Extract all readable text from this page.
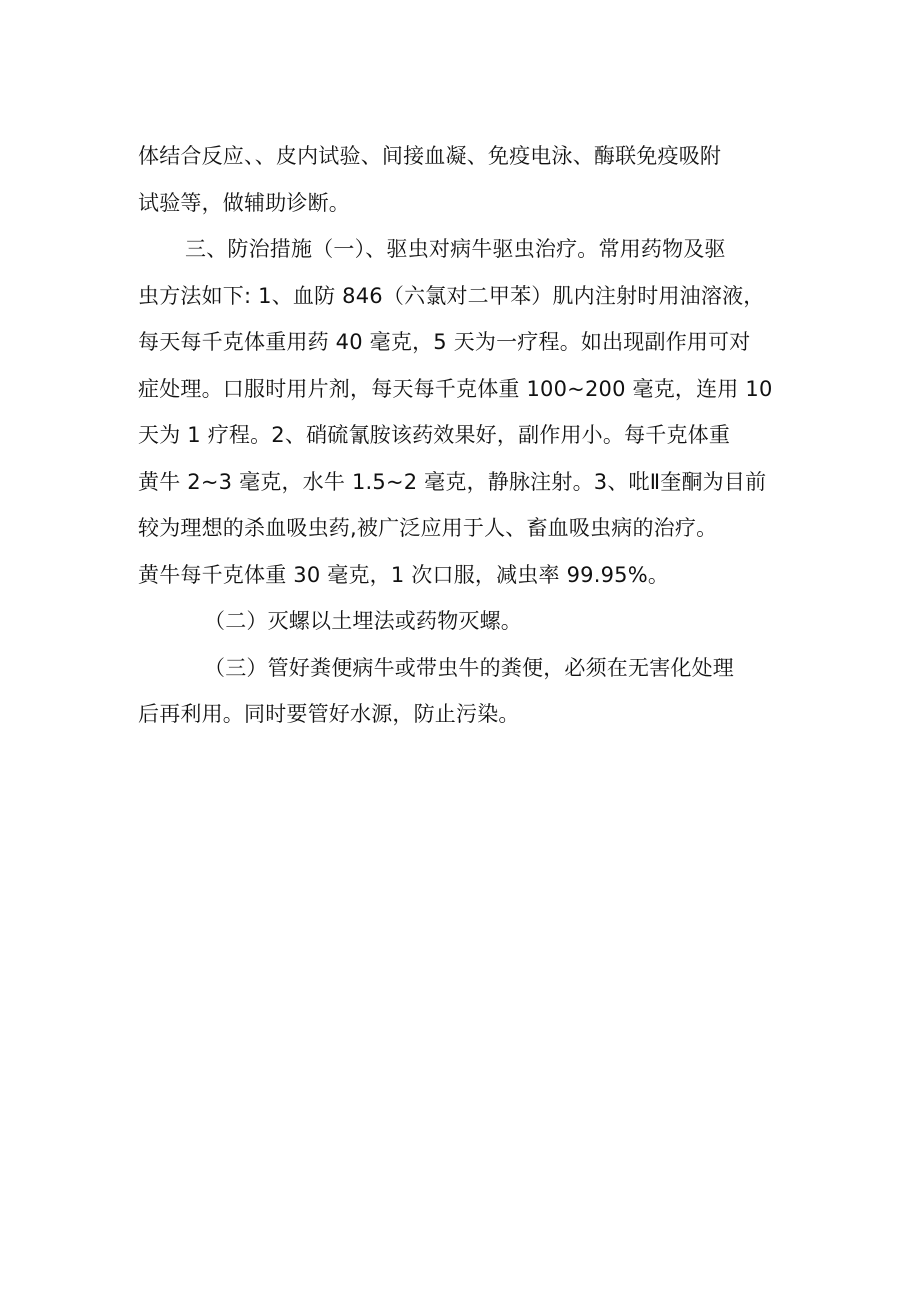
体结合反应、、皮内试验、间接血凝、免疫电泳、酶联免疫吸附
试验等，做辅助诊断。
三、防治措施（一）、驱虫对病牛驱虫治疗。常用药物及驱
虫方法如下: 1、血防 846（六氯对二甲苯）肌内注射时用油溶液，
每天每千克体重用药 40 毫克，5 天为一疗程。如出现副作用可对
症处理。口服时用片剂，每天每千克体重 100~200 毫克，连用 10
天为 1 疗程。2、硝硫氰胺该药效果好，副作用小。每千克体重
黄牛 2~3 毫克，水牛 1.5~2 毫克，静脉注射。3、吡Ⅱ奎酮为目前
较为理想的杀血吸虫药,被广泛应用于人、畜血吸虫病的治疗。
黄牛每千克体重 30 毫克，1 次口服，减虫率 99.95%。
（二）灭螺以土埋法或药物灭螺。
（三）管好粪便病牛或带虫牛的粪便，必须在无害化处理
后再利用。同时要管好水源，防止污染。
